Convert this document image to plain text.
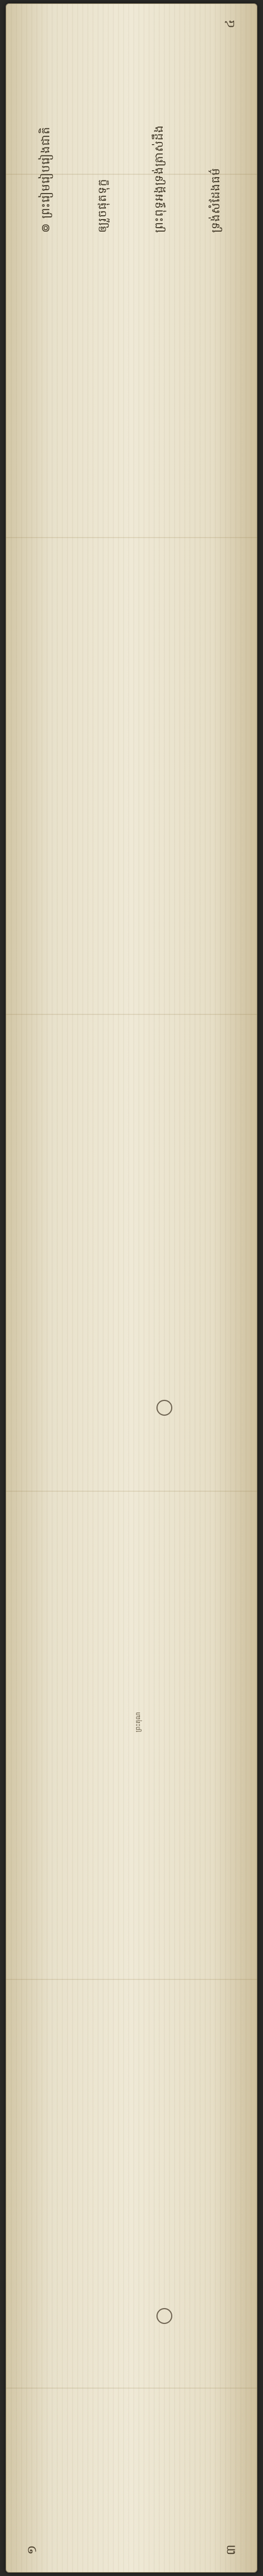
៙ ព្រះរៀមរៀបរៀងជាតិ	ឲ្យរួចផុតទុក្ខ	ព្រះពុទ្ធអង្គទ្រង់ត្រាស់ដឹង	ទ្រង់សំដែងធម៌
៣
១
៤
ព្រះគុណ
